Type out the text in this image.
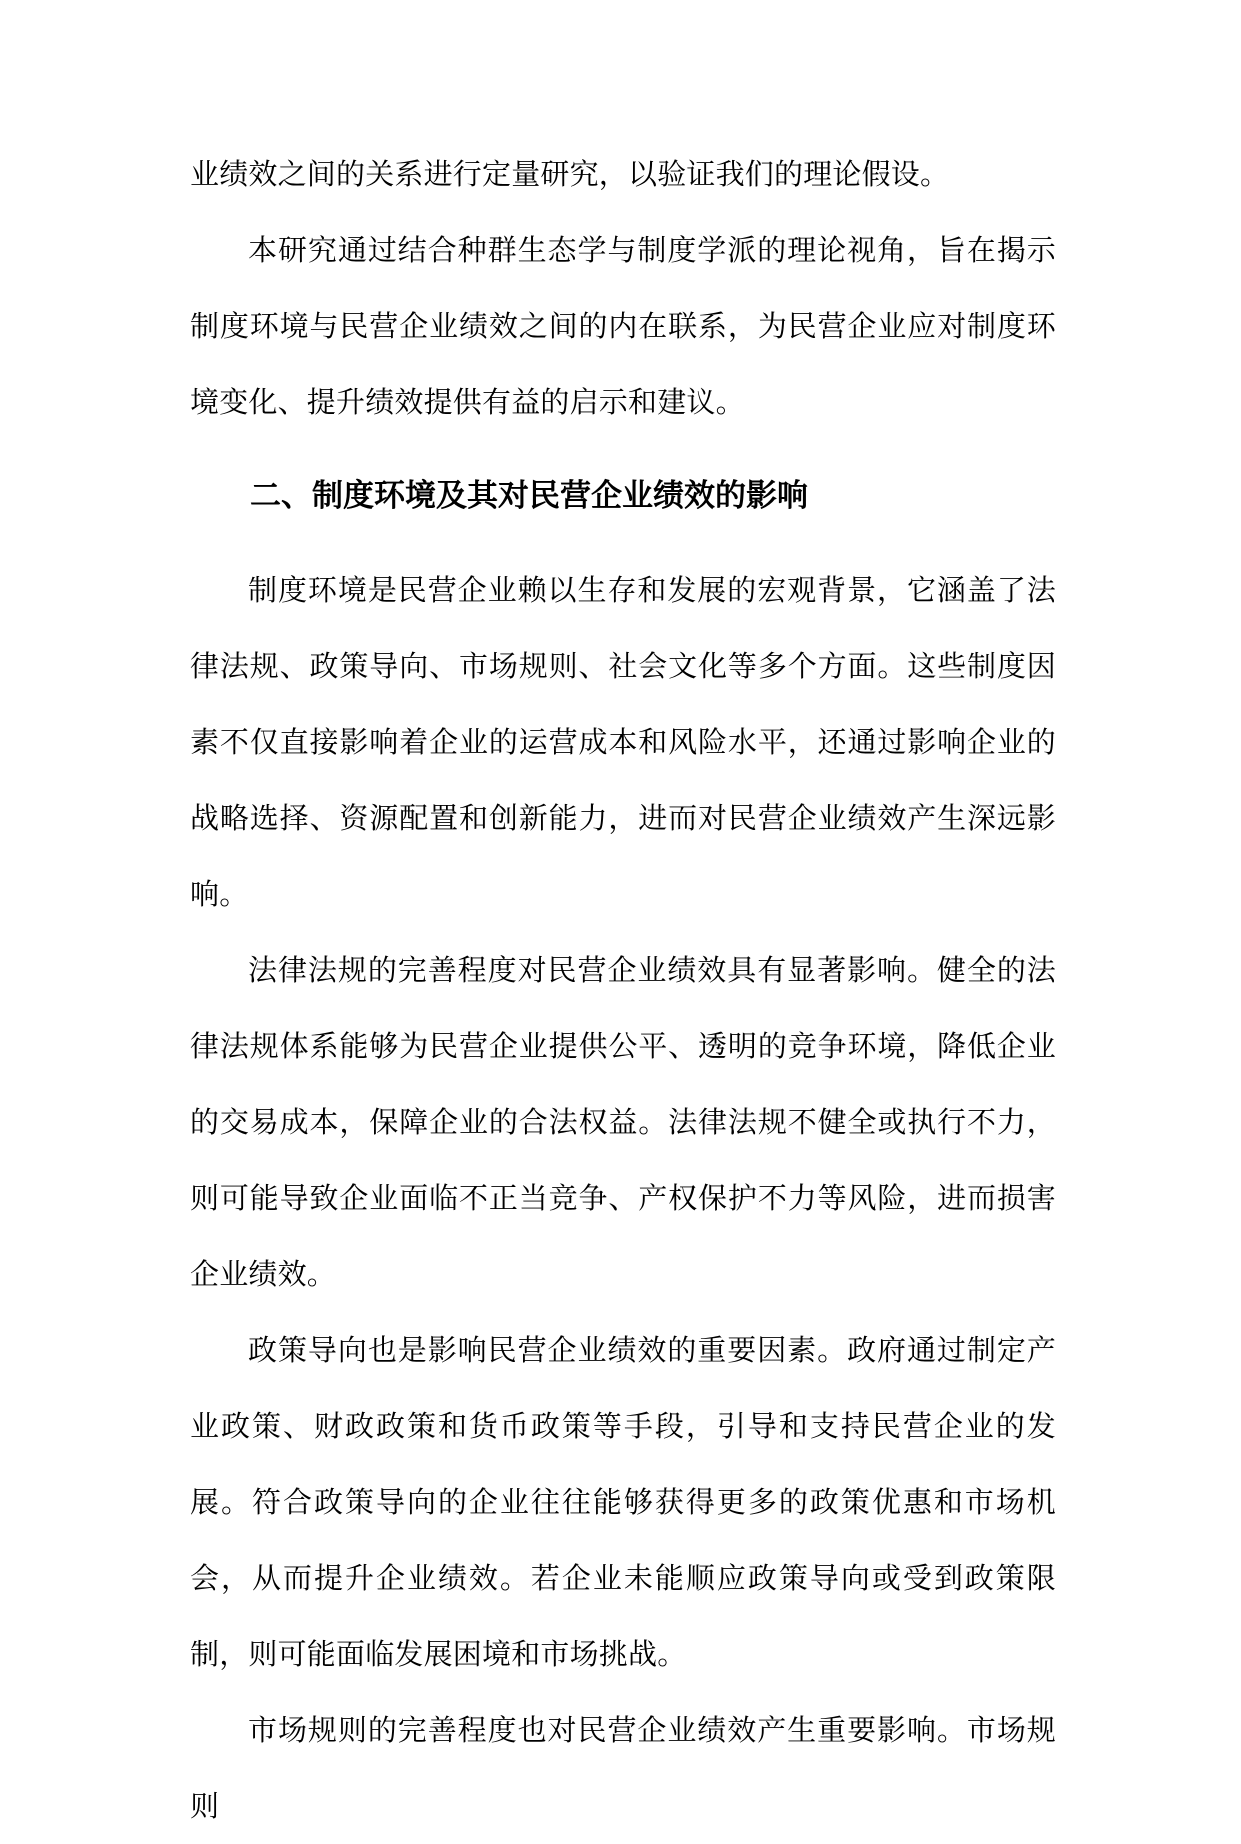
业绩效之间的关系进行定量研究，以验证我们的理论假设。

本研究通过结合种群生态学与制度学派的理论视角，旨在揭示制度环境与民营企业绩效之间的内在联系，为民营企业应对制度环境变化、提升绩效提供有益的启示和建议。

二、制度环境及其对民营企业绩效的影响

制度环境是民营企业赖以生存和发展的宏观背景，它涵盖了法律法规、政策导向、市场规则、社会文化等多个方面。这些制度因素不仅直接影响着企业的运营成本和风险水平，还通过影响企业的战略选择、资源配置和创新能力，进而对民营企业绩效产生深远影响。

法律法规的完善程度对民营企业绩效具有显著影响。健全的法律法规体系能够为民营企业提供公平、透明的竞争环境，降低企业的交易成本，保障企业的合法权益。法律法规不健全或执行不力，则可能导致企业面临不正当竞争、产权保护不力等风险，进而损害企业绩效。

政策导向也是影响民营企业绩效的重要因素。政府通过制定产业政策、财政政策和货币政策等手段，引导和支持民营企业的发展。符合政策导向的企业往往能够获得更多的政策优惠和市场机会，从而提升企业绩效。若企业未能顺应政策导向或受到政策限制，则可能面临发展困境和市场挑战。

市场规则的完善程度也对民营企业绩效产生重要影响。市场规则
